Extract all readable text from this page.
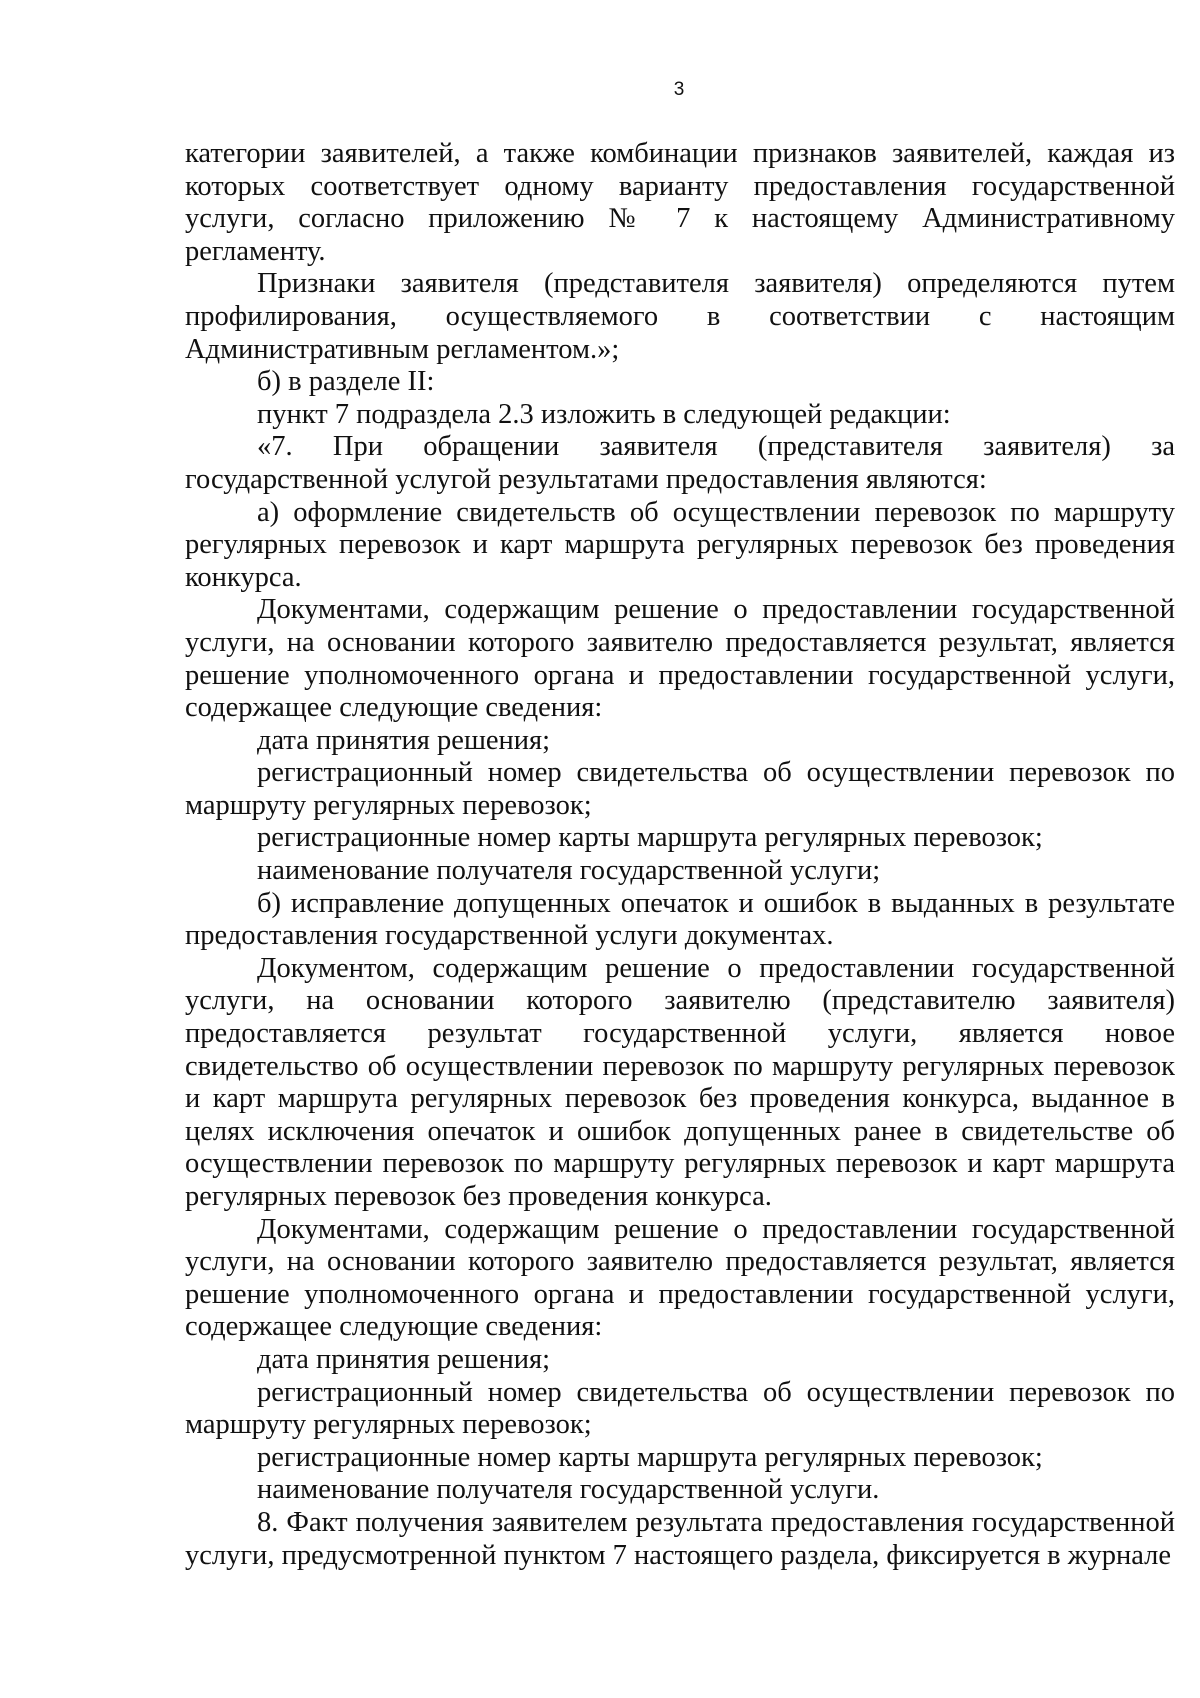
3

категории заявителей, а также комбинации признаков заявителей, каждая из которых соответствует одному варианту предоставления государственной услуги, согласно приложению № 7 к настоящему Административному регламенту.

Признаки заявителя (представителя заявителя) определяются путем профилирования, осуществляемого в соответствии с настоящим Административным регламентом.»;

б) в разделе II:

пункт 7 подраздела 2.3 изложить в следующей редакции:

«7. При обращении заявителя (представителя заявителя) за государственной услугой результатами предоставления являются:

а) оформление свидетельств об осуществлении перевозок по маршруту регулярных перевозок и карт маршрута регулярных перевозок без проведения конкурса.

Документами, содержащим решение о предоставлении государственной услуги, на основании которого заявителю предоставляется результат, является решение уполномоченного органа и предоставлении государственной услуги, содержащее следующие сведения:

дата принятия решения;

регистрационный номер свидетельства об осуществлении перевозок по маршруту регулярных перевозок;

регистрационные номер карты маршрута регулярных перевозок;

наименование получателя государственной услуги;

б) исправление допущенных опечаток и ошибок в выданных в результате предоставления государственной услуги документах.

Документом, содержащим решение о предоставлении государственной услуги, на основании которого заявителю (представителю заявителя) предоставляется результат государственной услуги, является новое свидетельство об осуществлении перевозок по маршруту регулярных перевозок и карт маршрута регулярных перевозок без проведения конкурса, выданное в целях исключения опечаток и ошибок допущенных ранее в свидетельстве об осуществлении перевозок по маршруту регулярных перевозок и карт маршрута регулярных перевозок без проведения конкурса.

Документами, содержащим решение о предоставлении государственной услуги, на основании которого заявителю предоставляется результат, является решение уполномоченного органа и предоставлении государственной услуги, содержащее следующие сведения:

дата принятия решения;

регистрационный номер свидетельства об осуществлении перевозок по маршруту регулярных перевозок;

регистрационные номер карты маршрута регулярных перевозок;

наименование получателя государственной услуги.

8. Факт получения заявителем результата предоставления государственной услуги, предусмотренной пунктом 7 настоящего раздела, фиксируется в журнале
